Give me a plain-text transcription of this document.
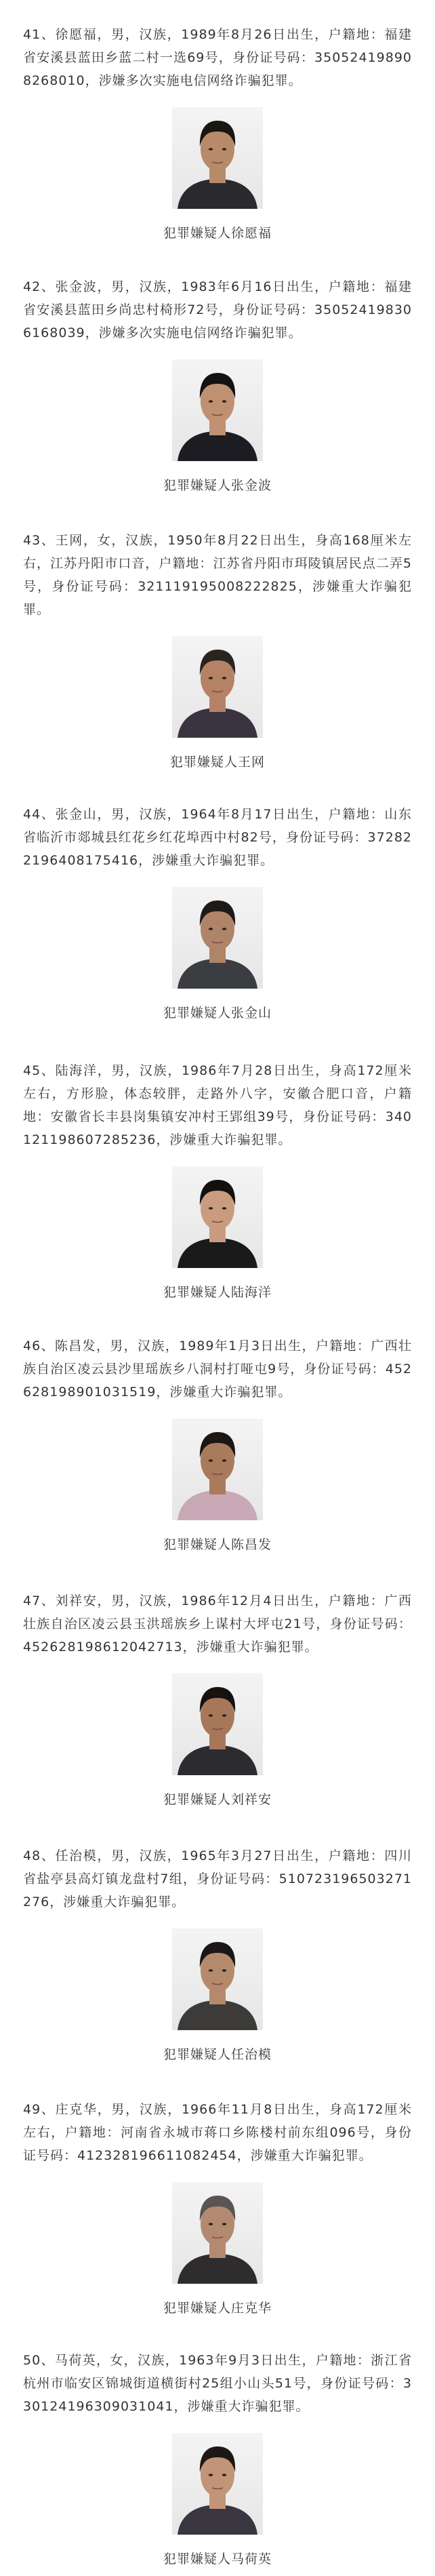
41、徐愿福，男，汉族，1989年8月26日出生，户籍地：福建省安溪县蓝田乡蓝二村一选69号，身份证号码：350524198908268010，涉嫌多次实施电信网络诈骗犯罪。

犯罪嫌疑人徐愿福

42、张金波，男，汉族，1983年6月16日出生，户籍地：福建省安溪县蓝田乡尚忠村椅形72号，身份证号码：350524198306168039，涉嫌多次实施电信网络诈骗犯罪。

犯罪嫌疑人张金波

43、王网，女，汉族，1950年8月22日出生，身高168厘米左右，江苏丹阳市口音，户籍地：江苏省丹阳市珥陵镇居民点二弄5号，身份证号码：321119195008222825，涉嫌重大诈骗犯罪。

犯罪嫌疑人王网

44、张金山，男，汉族，1964年8月17日出生，户籍地：山东省临沂市郯城县红花乡红花埠西中村82号，身份证号码：372822196408175416，涉嫌重大诈骗犯罪。

犯罪嫌疑人张金山

45、陆海洋，男，汉族，1986年7月28日出生，身高172厘米左右，方形脸，体态较胖，走路外八字，安徽合肥口音，户籍地：安徽省长丰县岗集镇安冲村王郢组39号，身份证号码：340121198607285236，涉嫌重大诈骗犯罪。

犯罪嫌疑人陆海洋

46、陈昌发，男，汉族，1989年1月3日出生，户籍地：广西壮族自治区凌云县沙里瑶族乡八洞村打哑屯9号，身份证号码：452628198901031519，涉嫌重大诈骗犯罪。

犯罪嫌疑人陈昌发

47、刘祥安，男，汉族，1986年12月4日出生，户籍地：广西壮族自治区凌云县玉洪瑶族乡上谋村大坪屯21号，身份证号码：452628198612042713，涉嫌重大诈骗犯罪。

犯罪嫌疑人刘祥安

48、任治模，男，汉族，1965年3月27日出生，户籍地：四川省盐亭县高灯镇龙盘村7组，身份证号码：510723196503271276，涉嫌重大诈骗犯罪。

犯罪嫌疑人任治模

49、庄克华，男，汉族，1966年11月8日出生，身高172厘米左右，户籍地：河南省永城市蒋口乡陈楼村前东组096号，身份证号码：412328196611082454，涉嫌重大诈骗犯罪。

犯罪嫌疑人庄克华

50、马荷英，女，汉族，1963年9月3日出生，户籍地：浙江省杭州市临安区锦城街道横街村25组小山头51号，身份证号码：330124196309031041，涉嫌重大诈骗犯罪。

犯罪嫌疑人马荷英
